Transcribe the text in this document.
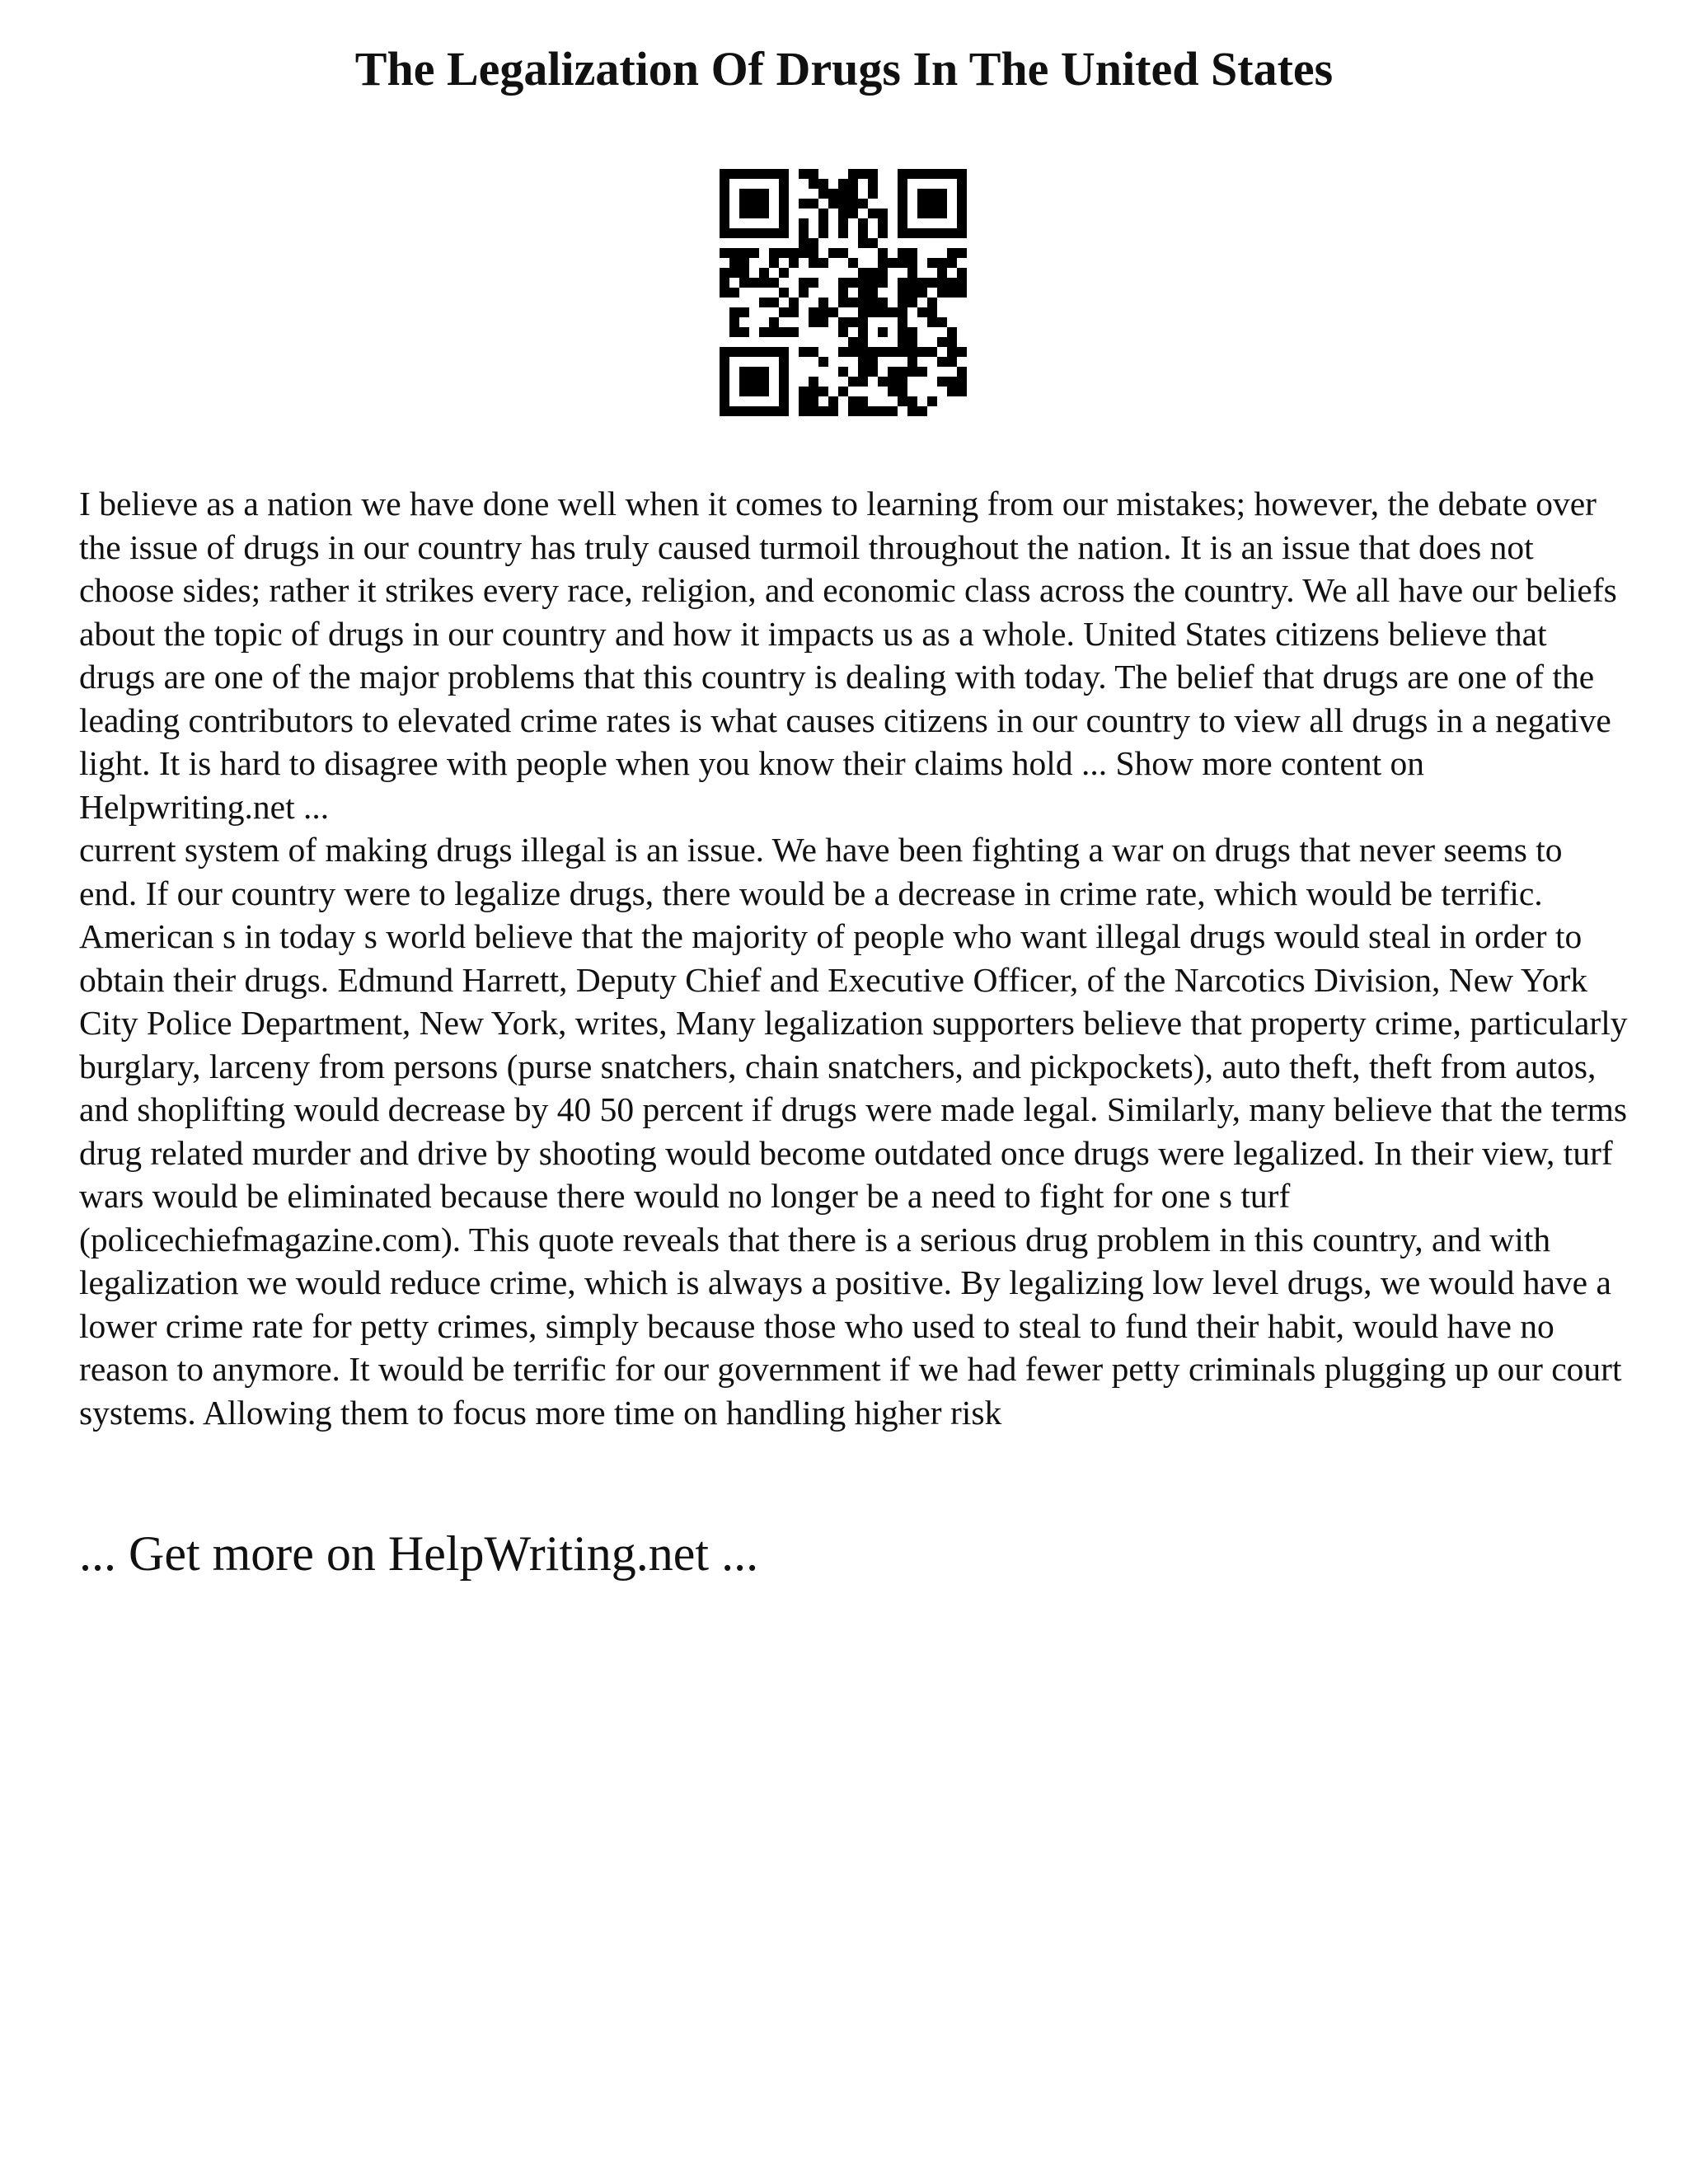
The Legalization Of Drugs In The United States

I believe as a nation we have done well when it comes to learning from our mistakes; however, the debate over the issue of drugs in our country has truly caused turmoil throughout the nation. It is an issue that does not choose sides; rather it strikes every race, religion, and economic class across the country. We all have our beliefs about the topic of drugs in our country and how it impacts us as a whole. United States citizens believe that drugs are one of the major problems that this country is dealing with today. The belief that drugs are one of the leading contributors to elevated crime rates is what causes citizens in our country to view all drugs in a negative light. It is hard to disagree with people when you know their claims hold ... Show more content on Helpwriting.net ...
current system of making drugs illegal is an issue. We have been fighting a war on drugs that never seems to end. If our country were to legalize drugs, there would be a decrease in crime rate, which would be terrific. American s in today s world believe that the majority of people who want illegal drugs would steal in order to obtain their drugs. Edmund Harrett, Deputy Chief and Executive Officer, of the Narcotics Division, New York City Police Department, New York, writes, Many legalization supporters believe that property crime, particularly burglary, larceny from persons (purse snatchers, chain snatchers, and pickpockets), auto theft, theft from autos, and shoplifting would decrease by 40 50 percent if drugs were made legal. Similarly, many believe that the terms drug related murder and drive by shooting would become outdated once drugs were legalized. In their view, turf wars would be eliminated because there would no longer be a need to fight for one s turf (policechiefmagazine.com). This quote reveals that there is a serious drug problem in this country, and with legalization we would reduce crime, which is always a positive. By legalizing low level drugs, we would have a lower crime rate for petty crimes, simply because those who used to steal to fund their habit, would have no reason to anymore. It would be terrific for our government if we had fewer petty criminals plugging up our court systems. Allowing them to focus more time on handling higher risk

... Get more on HelpWriting.net ...
